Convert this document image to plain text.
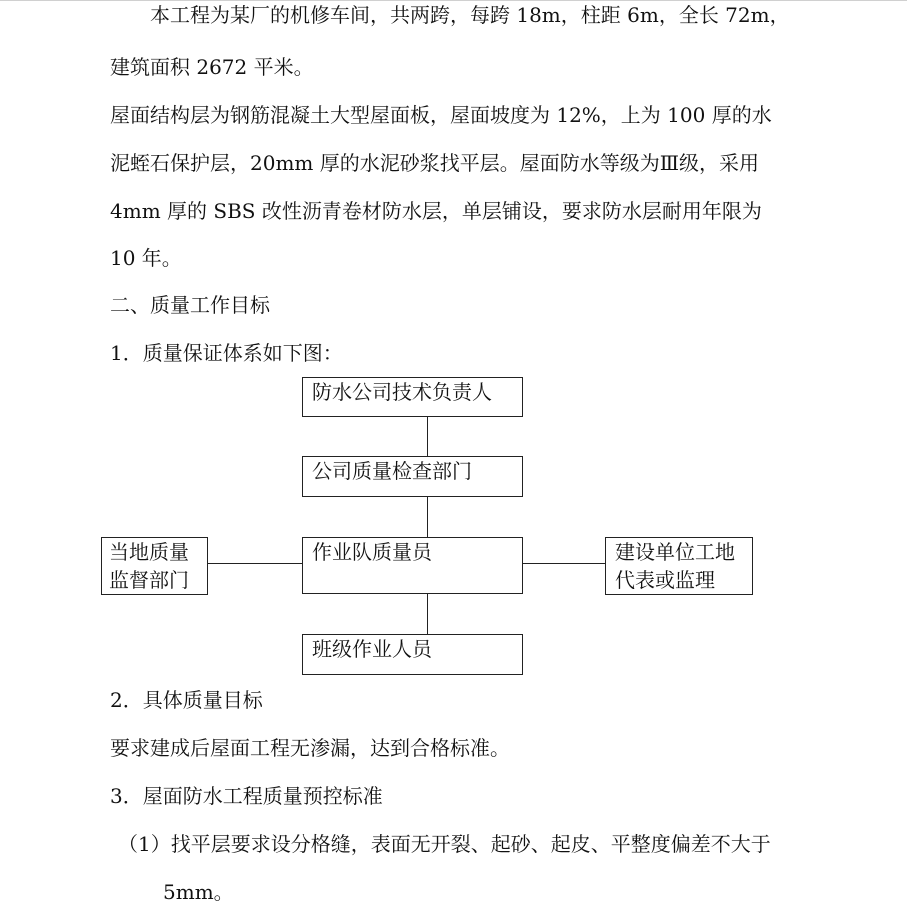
本工程为某厂的机修车间，共两跨，每跨 18m，柱距 6m，全长 72m，
建筑面积 2672 平米。
屋面结构层为钢筋混凝土大型屋面板，屋面坡度为 12%，上为 100 厚的水
泥蛭石保护层，20mm 厚的水泥砂浆找平层。屋面防水等级为Ⅲ级，采用
4mm 厚的 SBS 改性沥青卷材防水层，单层铺设，要求防水层耐用年限为
10 年。
二、质量工作目标
1．质量保证体系如下图：
防水公司技术负责人
公司质量检查部门
作业队质量员
当地质量
监督部门
建设单位工地
代表或监理
班级作业人员
2．具体质量目标
要求建成后屋面工程无渗漏，达到合格标准。
3．屋面防水工程质量预控标准
（1）找平层要求设分格缝，表面无开裂、起砂、起皮、平整度偏差不大于
5mm。
